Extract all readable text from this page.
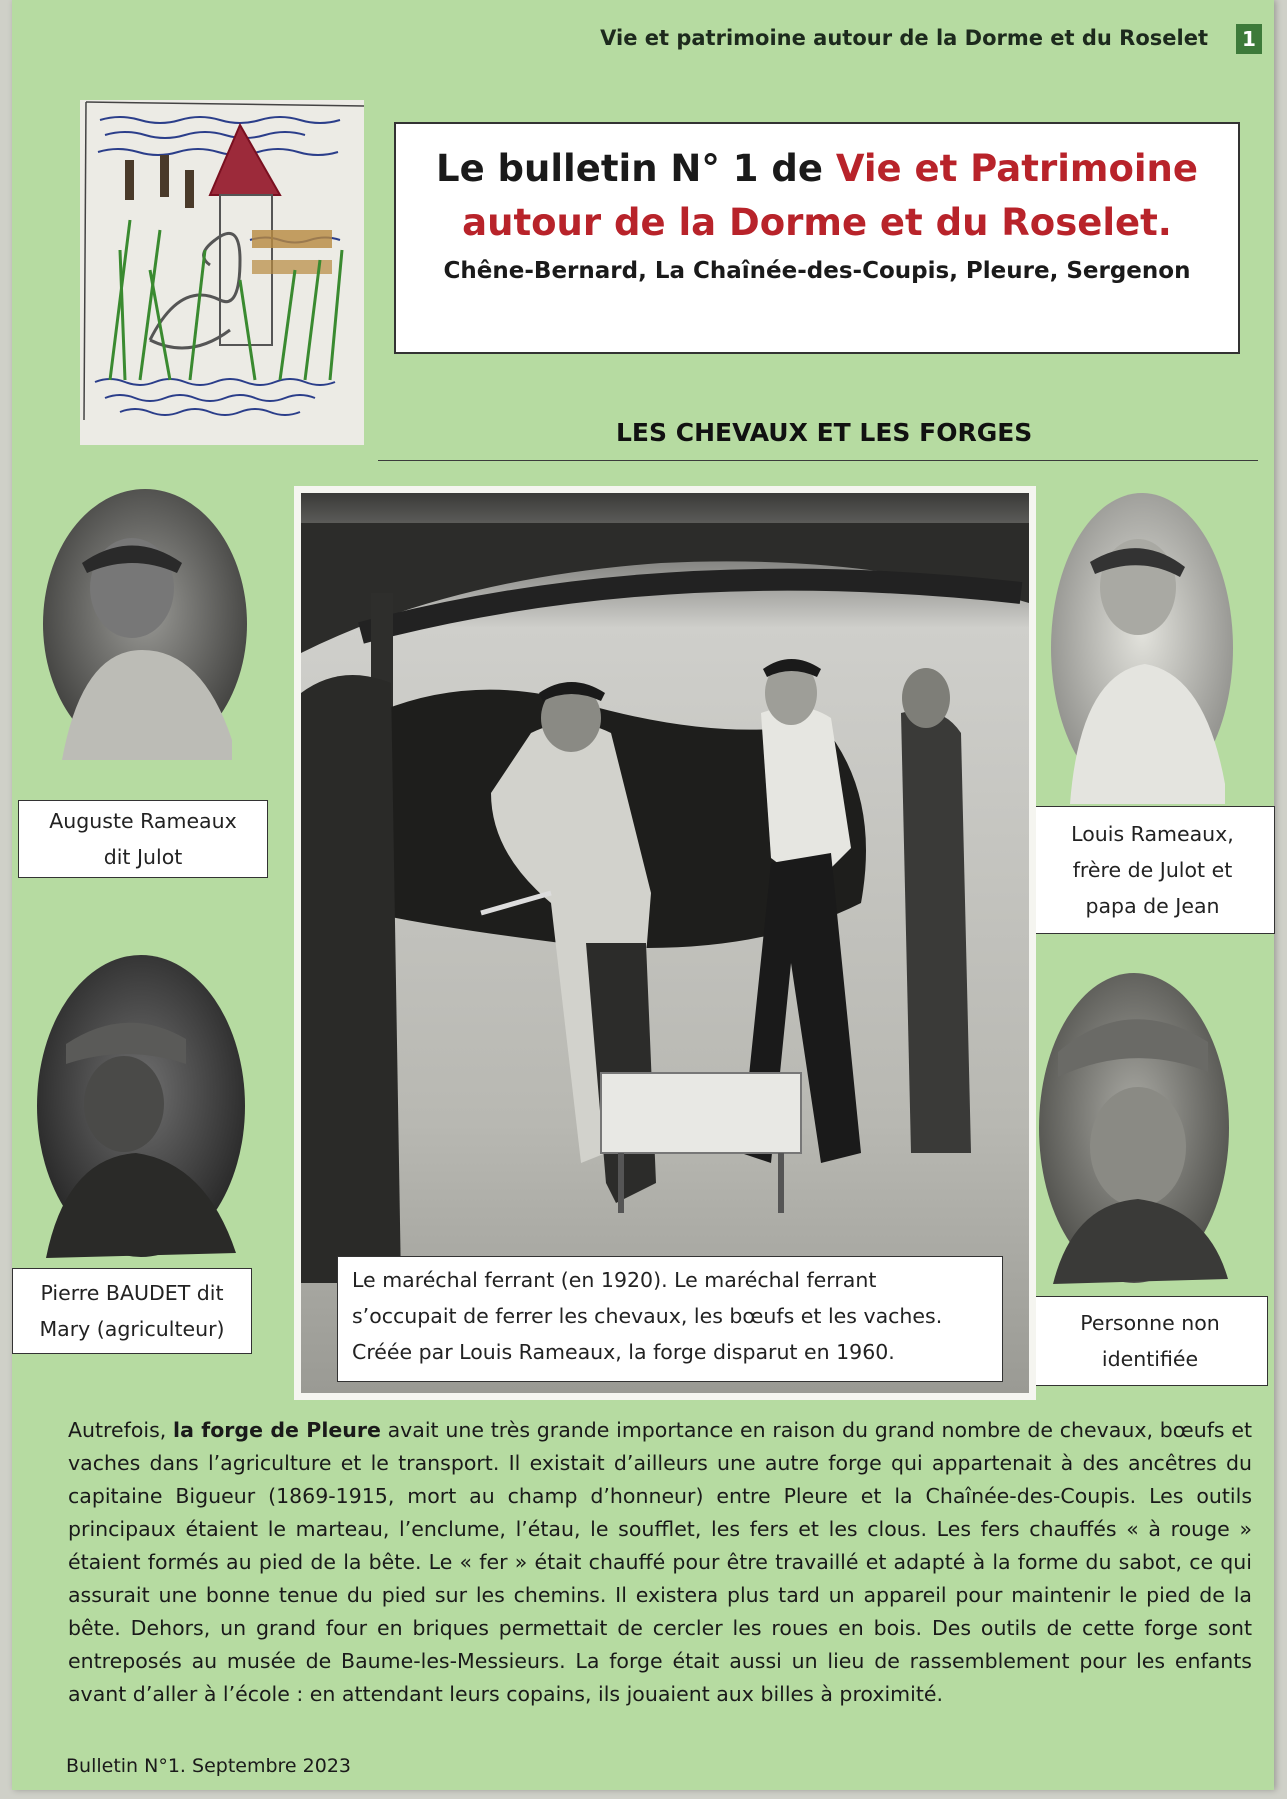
Vie et patrimoine autour de la Dorme et du Roselet	1
Le bulletin N° 1 de Vie et Patrimoine
autour de la Dorme et du Roselet.
Chêne-Bernard, La Chaînée-des-Coupis, Pleure, Sergenon
LES CHEVAUX ET LES FORGES
Auguste Rameaux
dit Julot
Louis Rameaux,
frère de Julot et
papa de Jean
Pierre BAUDET dit
Mary (agriculteur)	Personne non
identifiée
Le maréchal ferrant (en 1920). Le maréchal ferrant
s’occupait de ferrer les chevaux, les bœufs et les vaches.
Créée par Louis Rameaux, la forge disparut en 1960.
Autrefois, la forge de Pleure avait une très grande importance en raison du grand nombre de chevaux, bœufs et vaches dans l’agriculture et le transport. Il existait d’ailleurs une autre forge qui appartenait à des ancêtres du capitaine Bigueur (1869-1915, mort au champ d’honneur) entre Pleure et la Chaînée-des-Coupis. Les outils principaux étaient le marteau, l’enclume, l’étau, le soufflet, les fers et les clous. Les fers chauffés « à rouge » étaient formés au pied de la bête. Le « fer » était chauffé pour être travaillé et adapté à la forme du sabot, ce qui assurait une bonne tenue du pied sur les chemins. Il existera plus tard un appareil pour maintenir le pied de la bête. Dehors, un grand four en briques permettait de cercler les roues en bois. Des outils de cette forge sont entreposés au musée de Baume-les-Messieurs. La forge était aussi un lieu de rassemblement pour les enfants avant d’aller à l’école : en attendant leurs copains, ils jouaient aux billes à proximité.
Bulletin N°1. Septembre 2023
